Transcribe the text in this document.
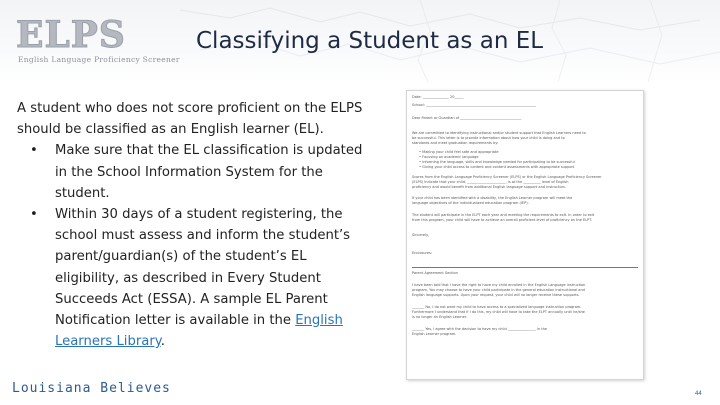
ELPS
English Language Proficiency Screener
Classifying a Student as an EL
A student who does not score proficient on the ELPS should be classified as an English learner (EL).
• Make sure that the EL classification is updated in the School Information System for the student.
• Within 30 days of a student registering, the school must assess and inform the student’s parent/guardian(s) of the student’s EL eligibility, as described in Every Student Succeeds Act (ESSA). A sample EL Parent Notification letter is available in the English Learners Library.
Date: _______________ 20_____
School: _______________________________________________________________
Dear Parent or Guardian of ___________________________________
We are committed to identifying instructional and/or student support that English Learners need to
be successful. This letter is to provide information about how your child is doing and to
standards and meet graduation requirements by:
• Making your child feel safe and appropriate
• Focusing on academic language
• Informing the language, skills and knowledge needed for participating to be successful
• Giving your child access to content and content assessments with appropriate support
Scores from the English Language Proficiency Screener (ELPS) or the English Language Proficiency Screener
(ELPS) indicate that your child, ______________________, is at the __________ level of English
proficiency and would benefit from additional English language support and instruction.
If your child has been identified with a disability, the English Learner program will meet the
language objectives of the individualized education program (IEP).
The student will participate in the ELPT each year and meeting the requirements to exit. In order to exit
from this program, your child will have to achieve an overall proficient level of proficiency on the ELPT.
Sincerely,
Enclosures:
Parent Agreement Section
I have been told that I have the right to have my child enrolled in the English Language instruction
program. You may choose to have your child participate in the general education instructional and
English language supports. Upon your request, your child will no longer receive these supports.
_______ No, I do not want my child to have access to a specialized language instruction program.
Furthermore I understand that if I do this, my child will have to take the ELPT annually until he/she
is no longer an English Learner.
_______ Yes, I agree with the decision to have my child ________________ in the
English Learner program.
Louisiana Believes	44
